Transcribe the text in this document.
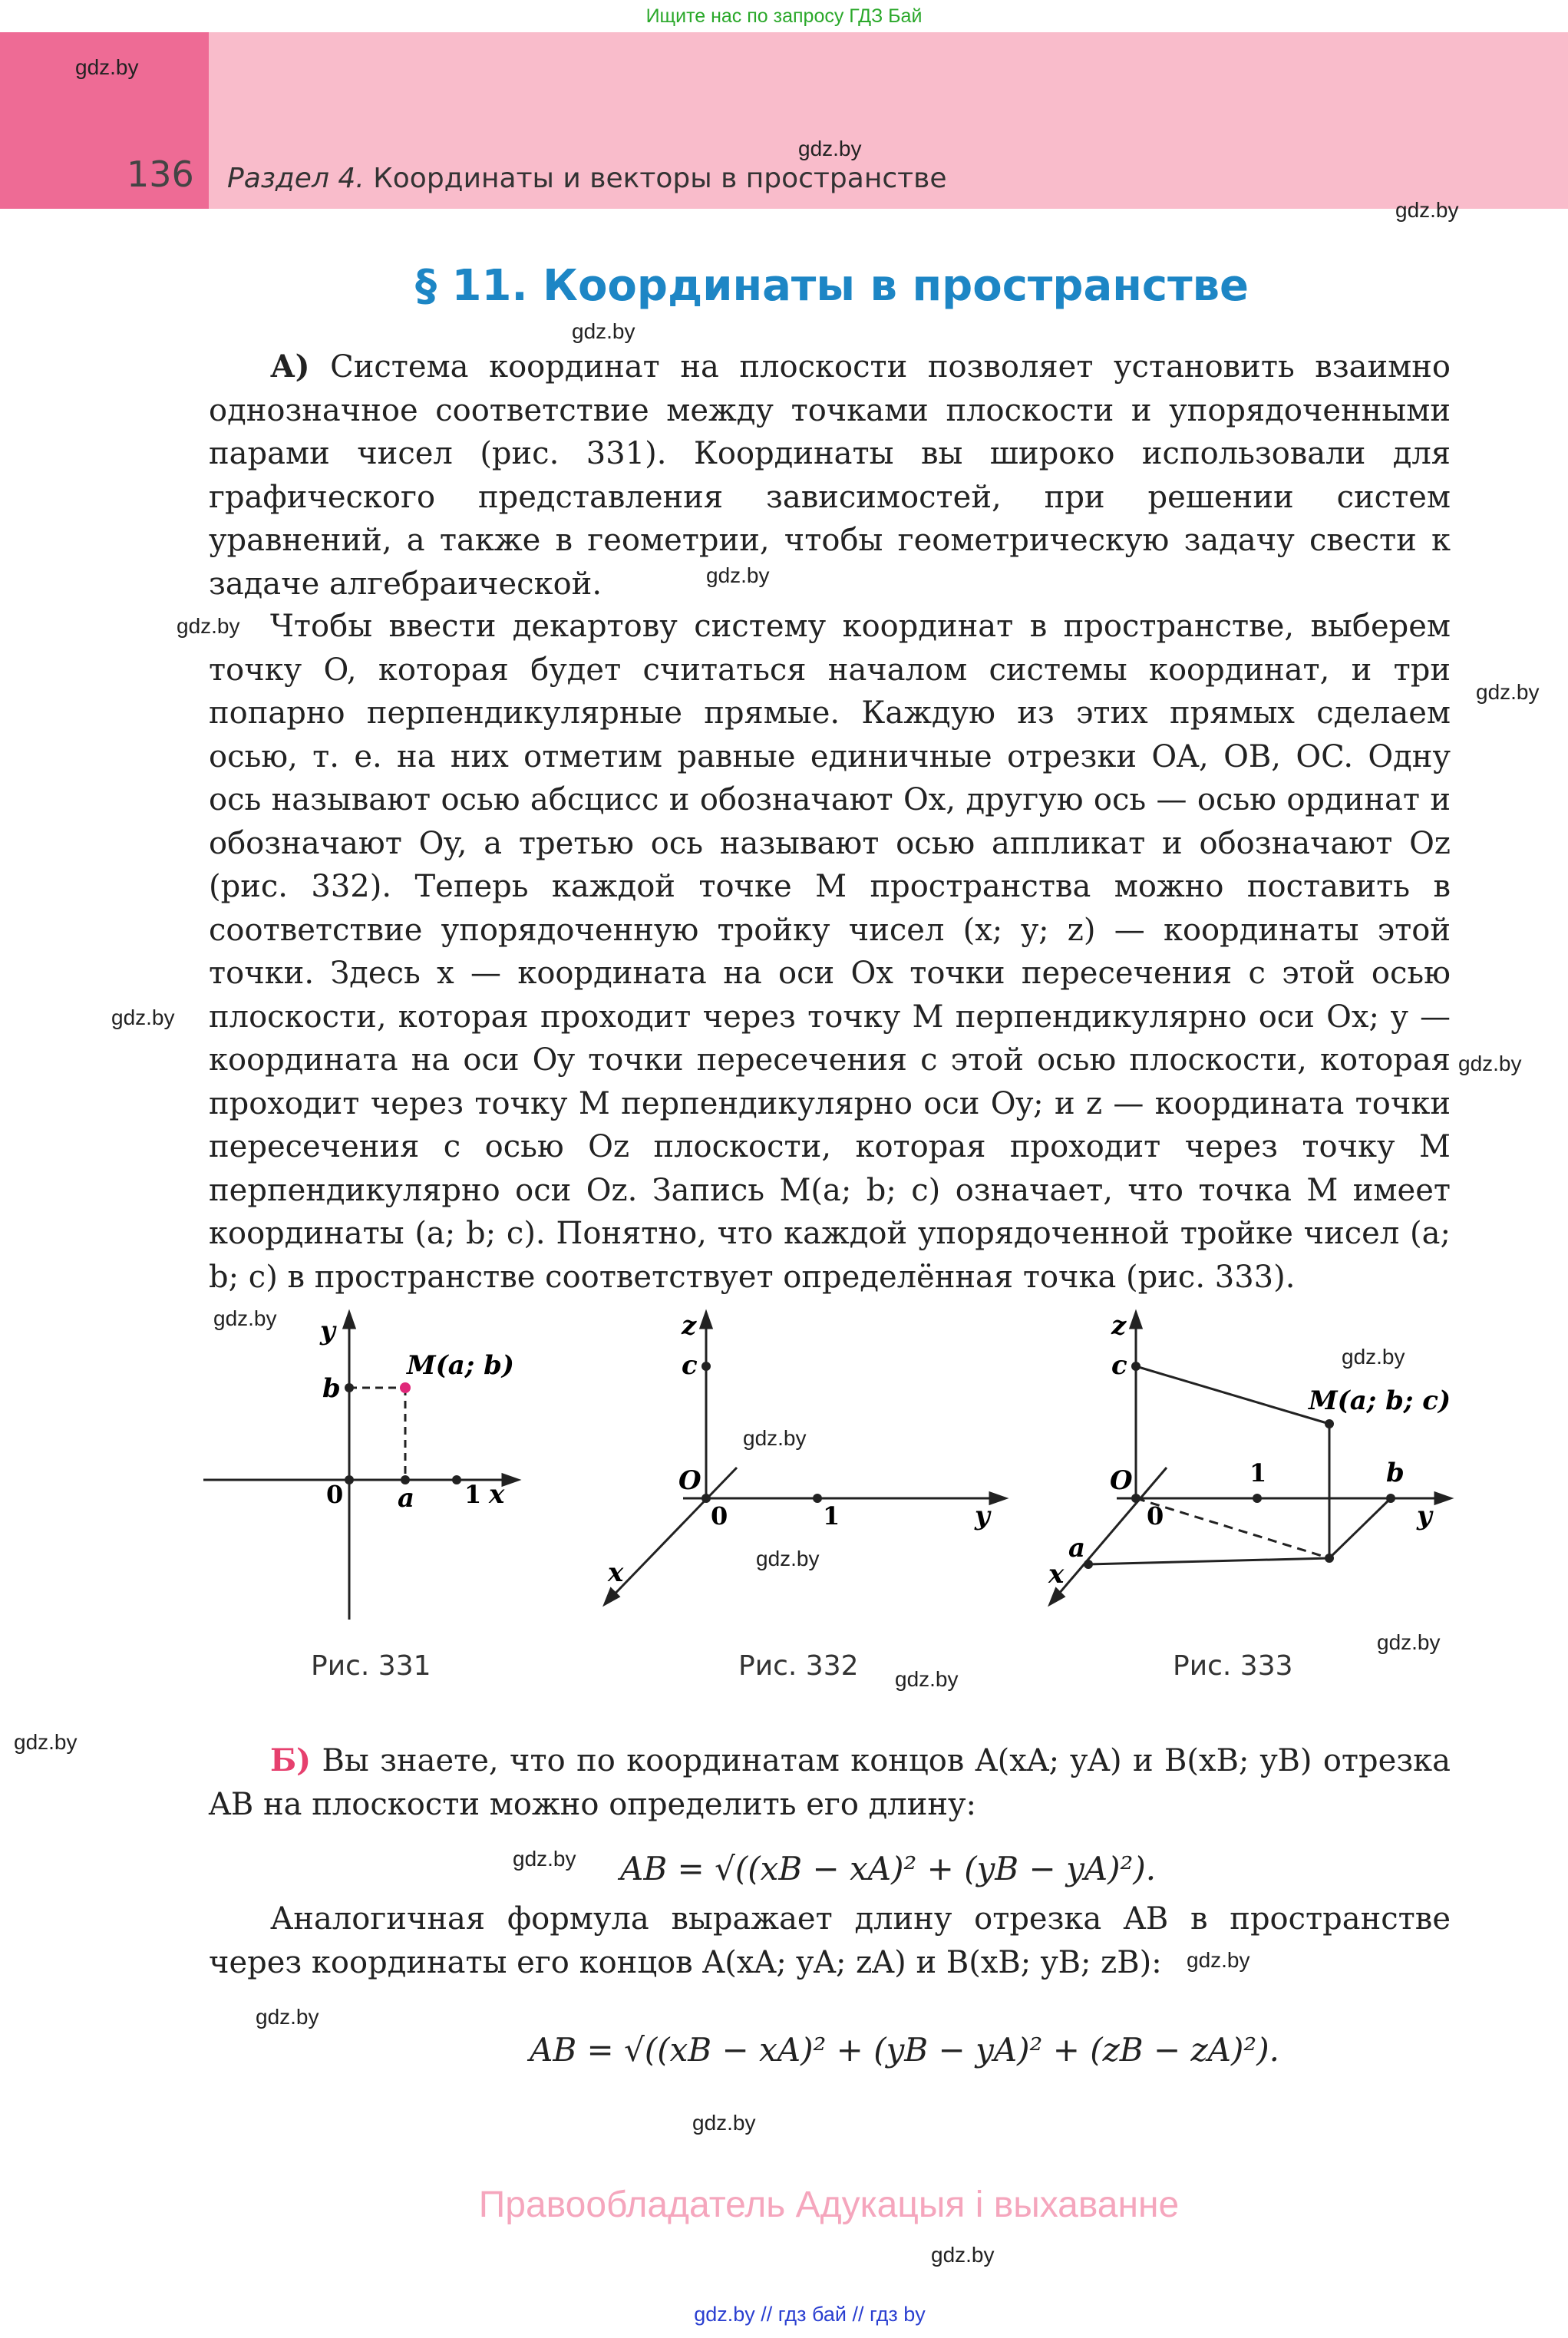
Ищите нас по запросу ГДЗ Бай
136 Раздел 4. Координаты и векторы в пространстве
gdz.by
gdz.by
gdz.by
gdz.by
gdz.by
gdz.by
gdz.by
gdz.by
gdz.by
gdz.by
gdz.by
gdz.by
gdz.by
gdz.by
gdz.by
gdz.by
gdz.by
gdz.by
gdz.by
gdz.by
gdz.by
§ 11. Координаты в пространстве
А) Система координат на плоскости позволяет установить взаимно однозначное соответствие между точками плоскости и упорядоченными парами чисел (рис. 331). Координаты вы широко использовали для графического представления зависимостей, при решении систем уравнений, а также в геометрии, чтобы геометрическую задачу свести к задаче алгебраической.
Чтобы ввести декартову систему координат в пространстве, выберем точку O, которая будет считаться началом системы координат, и три попарно перпендикулярные прямые. Каждую из этих прямых сделаем осью, т. е. на них отметим равные единичные отрезки OA, OB, OC. Одну ось называют осью абсцисс и обозначают Ox, другую ось — осью ординат и обозначают Oy, а третью ось называют осью аппликат и обозначают Oz (рис. 332). Теперь каждой точке M пространства можно поставить в соответствие упорядоченную тройку чисел (x; y; z) — координаты этой точки. Здесь x — координата на оси Ox точки пересечения с этой осью плоскости, которая проходит через точку M перпендикулярно оси Ox; y — координата на оси Oy точки пересечения с этой осью плоскости, которая проходит через точку M перпендикулярно оси Oy; и z — координата точки пересечения с осью Oz плоскости, которая проходит через точку M перпендикулярно оси Oz. Запись M(a; b; c) означает, что точка M имеет координаты (a; b; c). Понятно, что каждой упорядоченной тройке чисел (a; b; c) в пространстве соответствует определённая точка (рис. 333).
y
b
0 a 1 x
M(a; b)
Рис. 331
z
c
O
0	1	y
x
Рис. 332
z
c
O
0
1	b
y
a
x
M(a; b; c)
Рис. 333
Б) Вы знаете, что по координатам концов A(xA; yA) и B(xB; yB) отрезка AB на плоскости можно определить его длину:
AB = √((xB − xA)² + (yB − yA)²).
Аналогичная формула выражает длину отрезка AB в пространстве через координаты его концов A(xA; yA; zA) и B(xB; yB; zB):
AB = √((xB − xA)² + (yB − yA)² + (zB − zA)²).
Правообладатель Адукацыя і выхаванне
gdz.by // гдз бай // гдз by
